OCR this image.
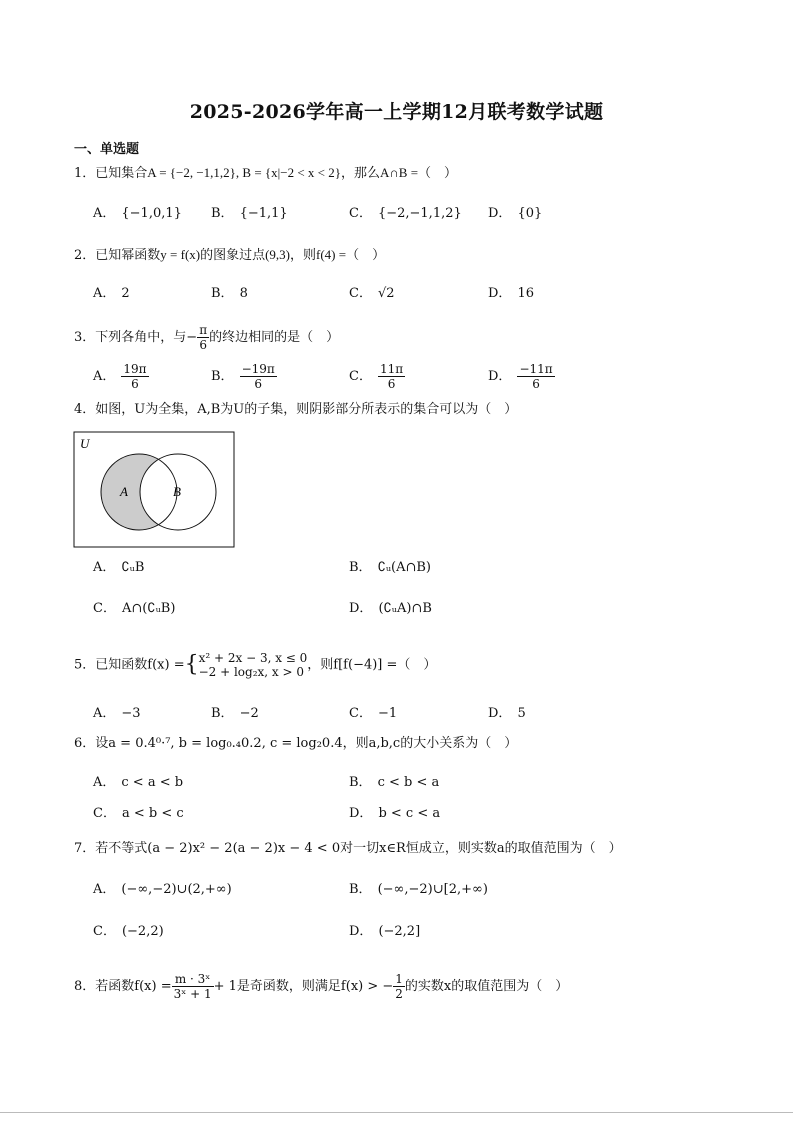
2025-2026学年高一上学期12月联考数学试题
一、单选题
1．已知集合A = {−2, −1,1,2}, B = {x|−2 < x < 2}，那么A∩B =（　）
A． {−1,0,1} B． {−1,1}	C． {−2,−1,1,2} D． {0}
2．已知幂函数y = f(x)的图象过点(9,3)，则f(4) =（　）
A． 2	B． 8	C． √2	D． 16
3．下列各角中，与− $\frac{\pi}{6}$ 的终边相同的是（　）
A． $\frac{19\pi}{6}$	B． $\frac{-19\pi}{6}$	C． $\frac{11\pi}{6}$	D． $\frac{-11\pi}{6}$
4．如图，U为全集，A,B为U的子集，则阴影部分所表示的集合可以为（　）
U
A	B
A． ∁ᵤB	B． ∁ᵤ(A∩B)
C． A∩(∁ᵤB)	D． (∁ᵤA)∩B
5．已知函数f(x) ={ x² + 2x − 3, x ≤ 0
−2 + log₂x, x > 0 ，则f[f(−4)] =（　）
A． −3	B． −2	C． −1	D． 5
6．设a = 0.4⁰·⁷, b = log₀.₄0.2, c = log₂0.4，则a,b,c的大小关系为（　）
A． c < a < b	B． c < b < a
C． a < b < c	D． b < c < a
7．若不等式(a − 2)x² − 2(a − 2)x − 4 < 0对一切x∈R恒成立，则实数a的取值范围为（　）
A． (−∞,−2)∪(2,+∞)	B． (−∞,−2)∪[2,+∞)
C． (−2,2)	D． (−2,2]
8．若函数$f(x) = \frac{\text{m · 3ˣ}}{\text{3ˣ + 1}} + 1$是奇函数，则满足f(x) > − $\frac{1}{2}$ 的实数x的取值范围为（　）
